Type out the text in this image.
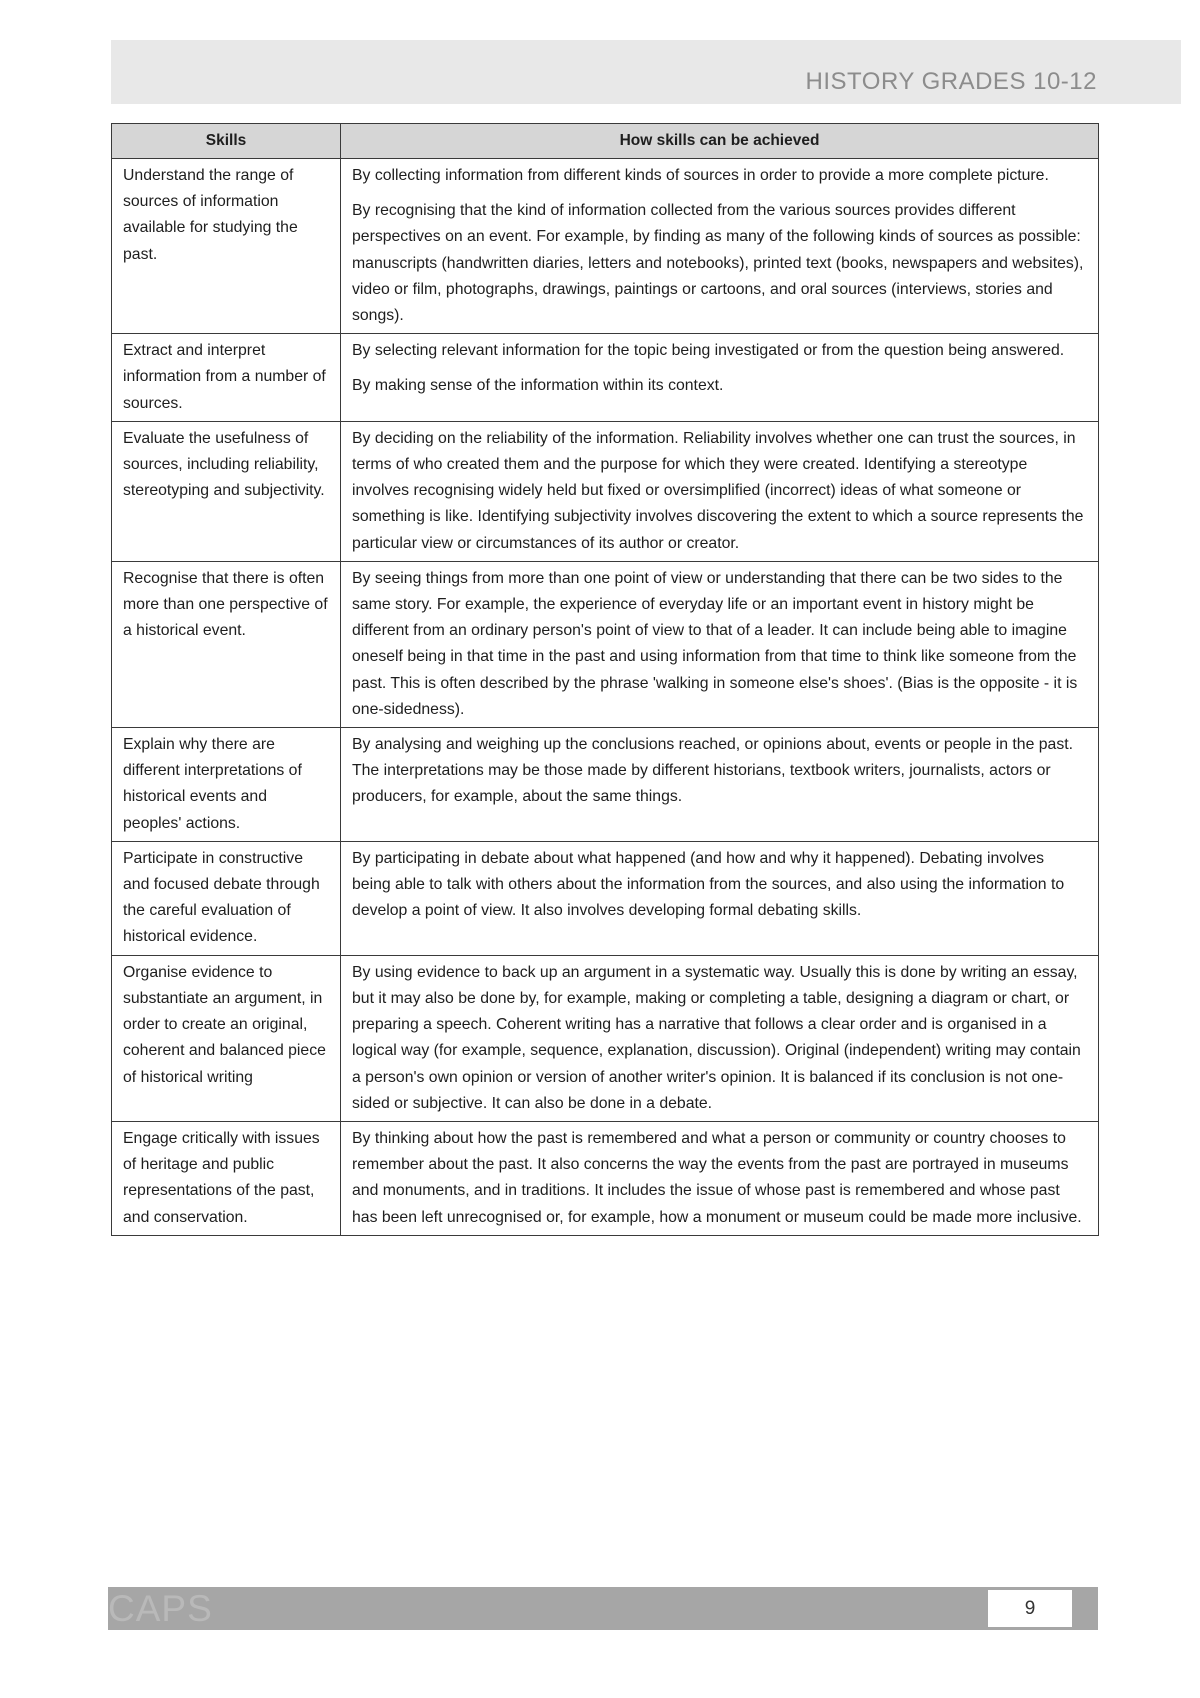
HISTORY GRADES 10-12
Skills	How skills can be achieved
Understand the range of sources of information available for studying the past.	By collecting information from different kinds of sources in order to provide a more complete picture.

By recognising that the kind of information collected from the various sources provides different perspectives on an event. For example, by finding as many of the following kinds of sources as possible: manuscripts (handwritten diaries, letters and notebooks), printed text (books, newspapers and websites), video or film, photographs, drawings, paintings or cartoons, and oral sources (interviews, stories and songs).

Extract and interpret information from a number of sources.	By selecting relevant information for the topic being investigated or from the question being answered.

By making sense of the information within its context.

Evaluate the usefulness of sources, including reliability, stereotyping and subjectivity.	By deciding on the reliability of the information. Reliability involves whether one can trust the sources, in terms of who created them and the purpose for which they were created. Identifying a stereotype involves recognising widely held but fixed or oversimplified (incorrect) ideas of what someone or something is like. Identifying subjectivity involves discovering the extent to which a source represents the particular view or circumstances of its author or creator.

Recognise that there is often more than one perspective of a historical event.	By seeing things from more than one point of view or understanding that there can be two sides to the same story. For example, the experience of everyday life or an important event in history might be different from an ordinary person's point of view to that of a leader. It can include being able to imagine oneself being in that time in the past and using information from that time to think like someone from the past. This is often described by the phrase 'walking in someone else's shoes'. (Bias is the opposite - it is one-sidedness).

Explain why there are different interpretations of historical events and peoples' actions.	By analysing and weighing up the conclusions reached, or opinions about, events or people in the past. The interpretations may be those made by different historians, textbook writers, journalists, actors or producers, for example, about the same things.

Participate in constructive and focused debate through the careful evaluation of historical evidence.	By participating in debate about what happened (and how and why it happened). Debating involves being able to talk with others about the information from the sources, and also using the information to develop a point of view. It also involves developing formal debating skills.

Organise evidence to substantiate an argument, in order to create an original, coherent and balanced piece of historical writing	By using evidence to back up an argument in a systematic way. Usually this is done by writing an essay, but it may also be done by, for example, making or completing a table, designing a diagram or chart, or preparing a speech. Coherent writing has a narrative that follows a clear order and is organised in a logical way (for example, sequence, explanation, discussion). Original (independent) writing may contain a person's own opinion or version of another writer's opinion. It is balanced if its conclusion is not one-sided or subjective. It can also be done in a debate.

Engage critically with issues of heritage and public representations of the past, and conservation.	By thinking about how the past is remembered and what a person or community or country chooses to remember about the past. It also concerns the way the events from the past are portrayed in museums and monuments, and in traditions. It includes the issue of whose past is remembered and whose past has been left unrecognised or, for example, how a monument or museum could be made more inclusive.

CAPS	9
